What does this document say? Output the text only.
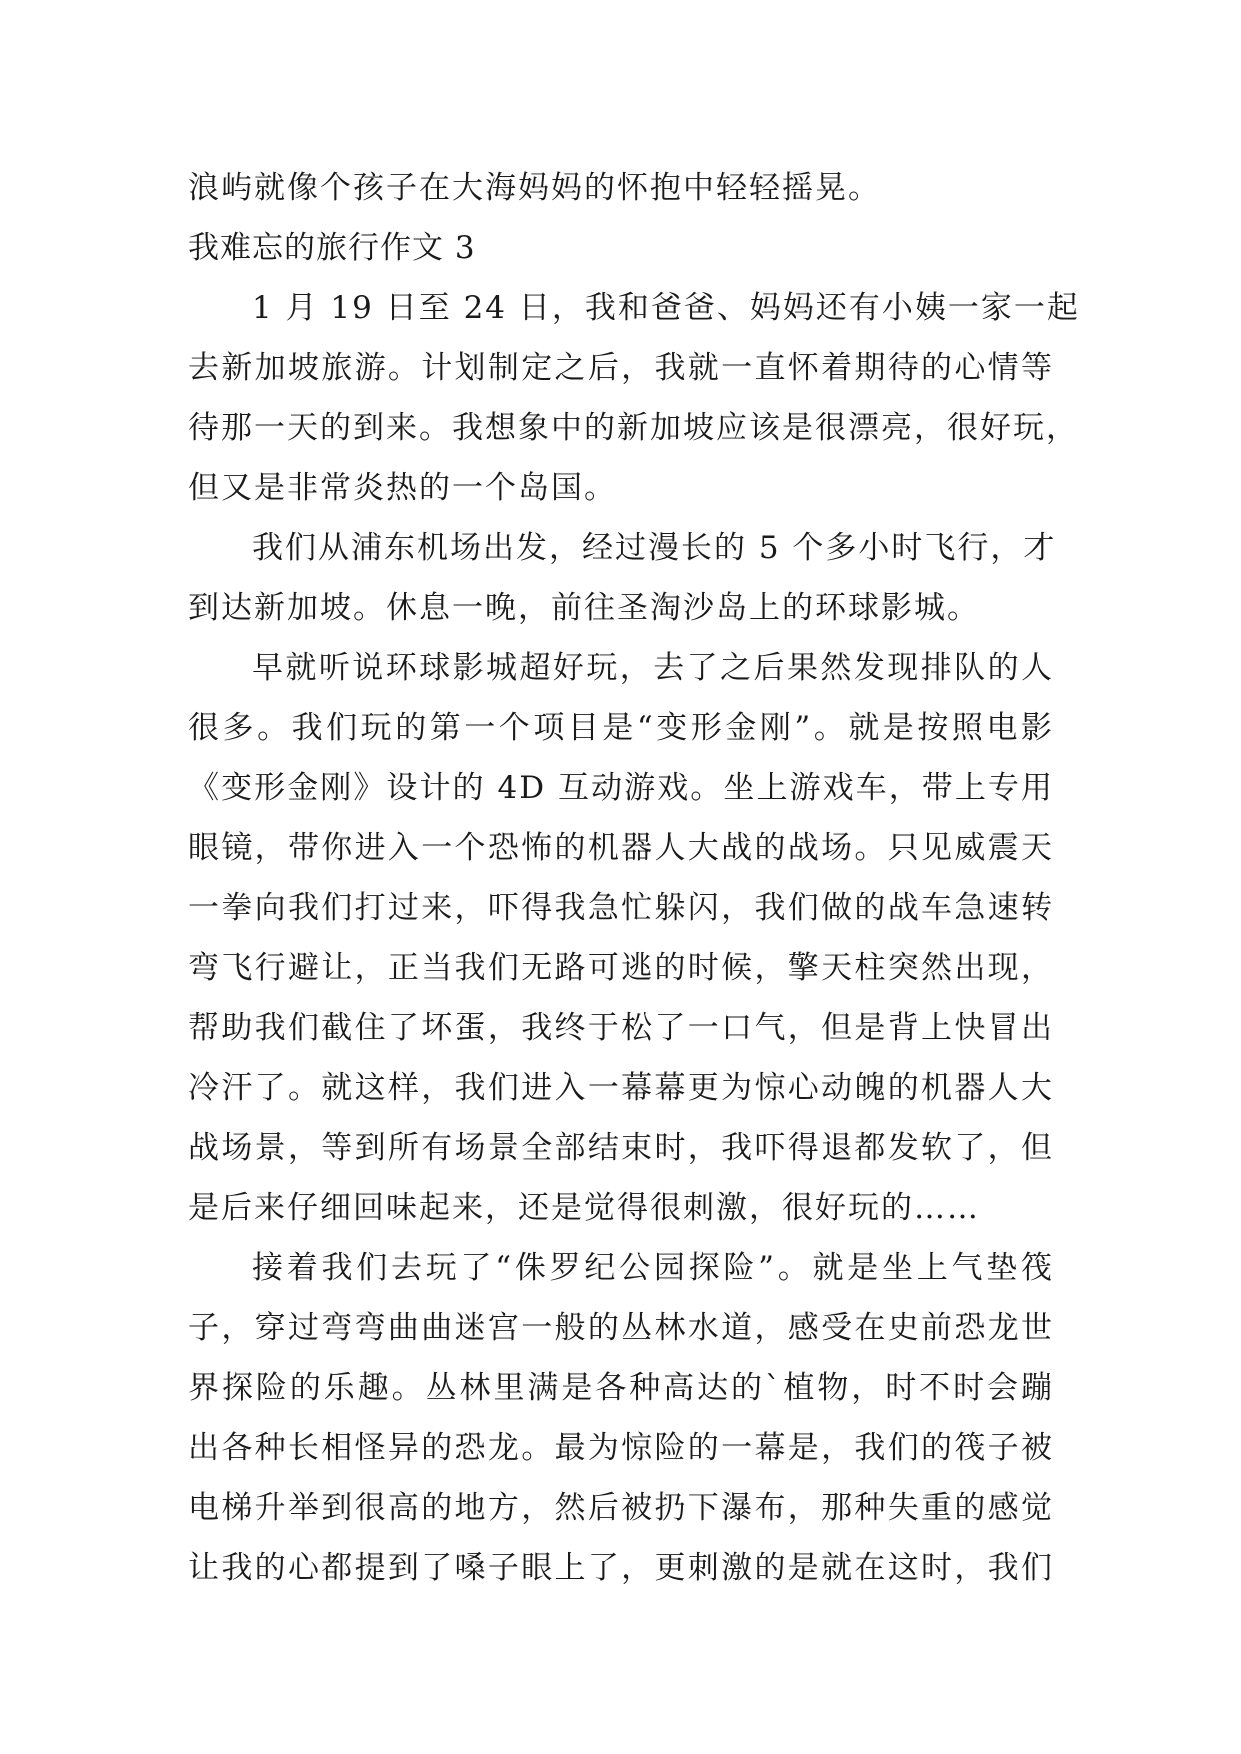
浪屿就像个孩子在大海妈妈的怀抱中轻轻摇晃。
我难忘的旅行作文 3
1 月 19 日至 24 日，我和爸爸、妈妈还有小姨一家一起
去新加坡旅游。计划制定之后，我就一直怀着期待的心情等
待那一天的到来。我想象中的新加坡应该是很漂亮，很好玩，
但又是非常炎热的一个岛国。
我们从浦东机场出发，经过漫长的 5 个多小时飞行，才
到达新加坡。休息一晚，前往圣淘沙岛上的环球影城。
早就听说环球影城超好玩，去了之后果然发现排队的人
很多。我们玩的第一个项目是“变形金刚”。就是按照电影
《变形金刚》设计的 4D 互动游戏。坐上游戏车，带上专用
眼镜，带你进入一个恐怖的机器人大战的战场。只见威震天
一拳向我们打过来，吓得我急忙躲闪，我们做的战车急速转
弯飞行避让，正当我们无路可逃的时候，擎天柱突然出现，
帮助我们截住了坏蛋，我终于松了一口气，但是背上快冒出
冷汗了。就这样，我们进入一幕幕更为惊心动魄的机器人大
战场景，等到所有场景全部结束时，我吓得退都发软了，但
是后来仔细回味起来，还是觉得很刺激，很好玩的……
接着我们去玩了“侏罗纪公园探险”。就是坐上气垫筏
子，穿过弯弯曲曲迷宫一般的丛林水道，感受在史前恐龙世
界探险的乐趣。丛林里满是各种高达的`植物，时不时会蹦
出各种长相怪异的恐龙。最为惊险的一幕是，我们的筏子被
电梯升举到很高的地方，然后被扔下瀑布，那种失重的感觉
让我的心都提到了嗓子眼上了，更刺激的是就在这时，我们
